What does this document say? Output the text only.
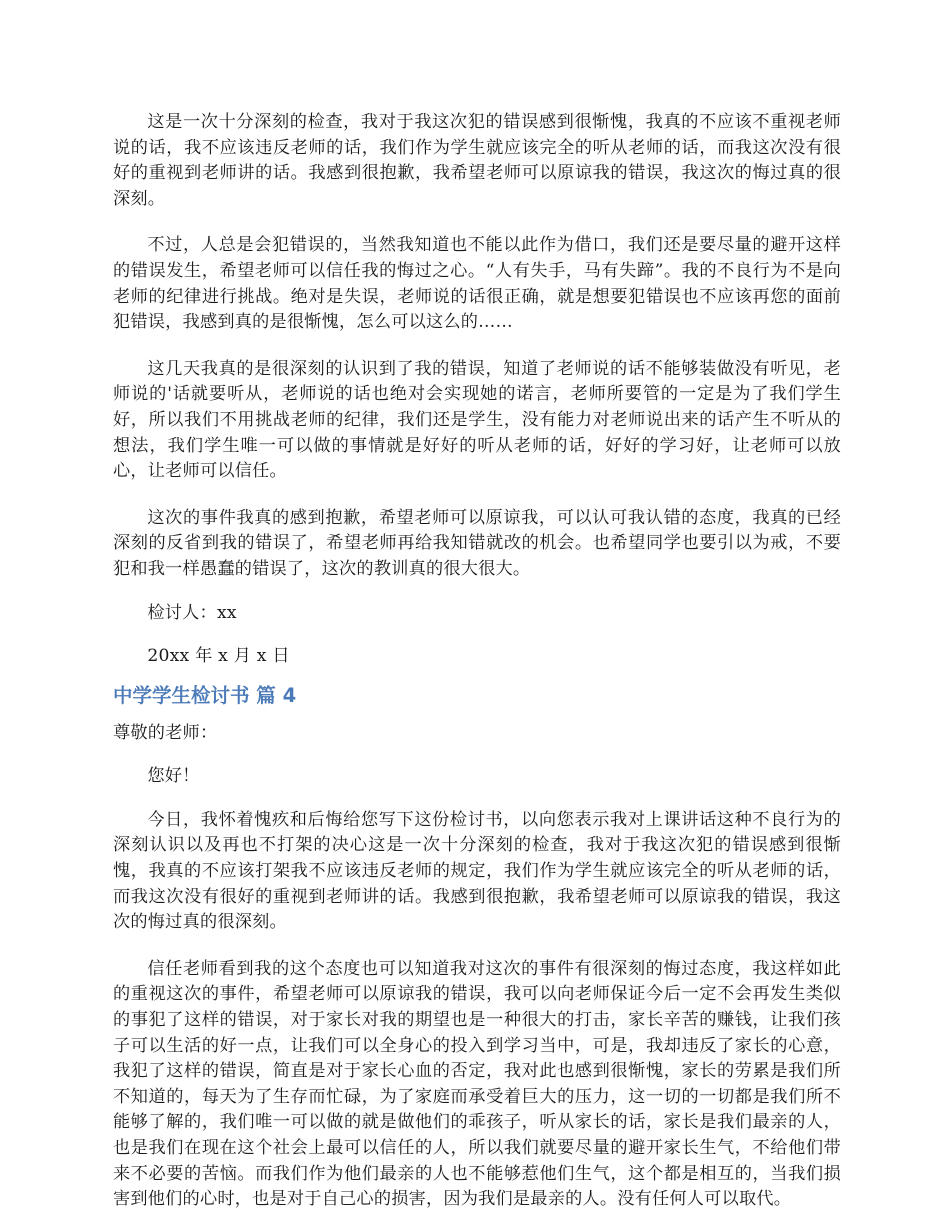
这是一次十分深刻的检查，我对于我这次犯的错误感到很惭愧，我真的不应该不重视老师说的话，我不应该违反老师的话，我们作为学生就应该完全的听从老师的话，而我这次没有很好的重视到老师讲的话。我感到很抱歉，我希望老师可以原谅我的错误，我这次的悔过真的很深刻。

不过，人总是会犯错误的，当然我知道也不能以此作为借口，我们还是要尽量的避开这样的错误发生，希望老师可以信任我的悔过之心。“人有失手，马有失蹄”。我的不良行为不是向老师的纪律进行挑战。绝对是失误，老师说的话很正确，就是想要犯错误也不应该再您的面前犯错误，我感到真的是很惭愧，怎么可以这么的……

这几天我真的是很深刻的认识到了我的错误，知道了老师说的话不能够装做没有听见，老师说的'话就要听从，老师说的话也绝对会实现她的诺言，老师所要管的一定是为了我们学生好，所以我们不用挑战老师的纪律，我们还是学生，没有能力对老师说出来的话产生不听从的想法，我们学生唯一可以做的事情就是好好的听从老师的话，好好的学习好，让老师可以放心，让老师可以信任。

这次的事件我真的感到抱歉，希望老师可以原谅我，可以认可我认错的态度，我真的已经深刻的反省到我的错误了，希望老师再给我知错就改的机会。也希望同学也要引以为戒，不要犯和我一样愚蠢的错误了，这次的教训真的很大很大。

检讨人：xx

20xx 年 x 月 x 日

中学学生检讨书 篇 4

尊敬的老师：

您好！

今日，我怀着愧疚和后悔给您写下这份检讨书，以向您表示我对上课讲话这种不良行为的深刻认识以及再也不打架的决心这是一次十分深刻的检查，我对于我这次犯的错误感到很惭愧，我真的不应该打架我不应该违反老师的规定，我们作为学生就应该完全的听从老师的话，而我这次没有很好的重视到老师讲的话。我感到很抱歉，我希望老师可以原谅我的错误，我这次的悔过真的很深刻。

信任老师看到我的这个态度也可以知道我对这次的事件有很深刻的悔过态度，我这样如此的重视这次的事件，希望老师可以原谅我的错误，我可以向老师保证今后一定不会再发生类似的事犯了这样的错误，对于家长对我的期望也是一种很大的打击，家长辛苦的赚钱，让我们孩子可以生活的好一点，让我们可以全身心的投入到学习当中，可是，我却违反了家长的心意，我犯了这样的错误，简直是对于家长心血的否定，我对此也感到很惭愧，家长的劳累是我们所不知道的，每天为了生存而忙碌，为了家庭而承受着巨大的压力，这一切的一切都是我们所不能够了解的，我们唯一可以做的就是做他们的乖孩子，听从家长的话，家长是我们最亲的人，也是我们在现在这个社会上最可以信任的人，所以我们就要尽量的避开家长生气，不给他们带来不必要的苦恼。而我们作为他们最亲的人也不能够惹他们生气，这个都是相互的，当我们损害到他们的心时，也是对于自己心的损害，因为我们是最亲的人。没有任何人可以取代。
